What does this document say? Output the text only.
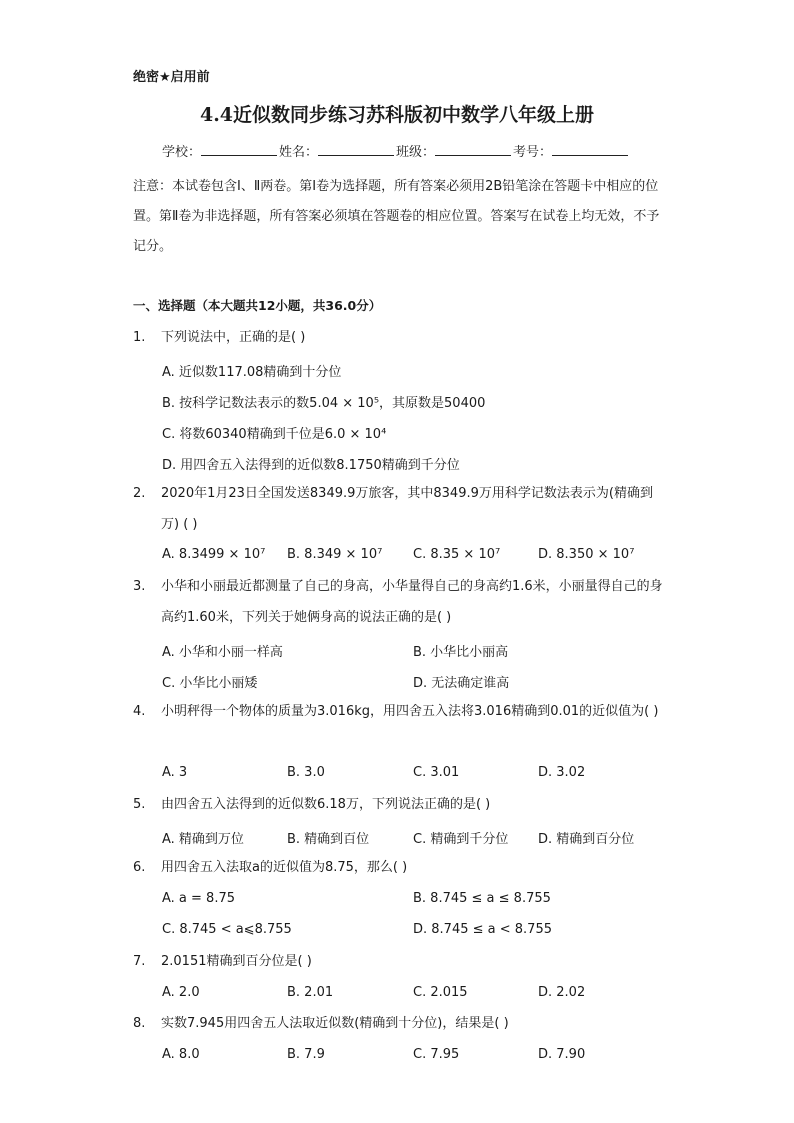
绝密★启用前
4.4近似数同步练习苏科版初中数学八年级上册
学校：	姓名：	班级：	考号：
注意：本试卷包含Ⅰ、Ⅱ两卷。第Ⅰ卷为选择题，所有答案必须用2B铅笔涂在答题卡中相应的位置。第Ⅱ卷为非选择题，所有答案必须填在答题卷的相应位置。答案写在试卷上均无效，不予记分。
一、选择题（本大题共12小题，共36.0分）
1.	下列说法中，正确的是( )
A. 近似数117.08精确到十分位
B. 按科学记数法表示的数5.04 × 10⁵，其原数是50400
C. 将数60340精确到千位是6.0 × 10⁴
D. 用四舍五入法得到的近似数8.1750精确到千分位
2.	2020年1月23日全国发送8349.9万旅客，其中8349.9万用科学记数法表示为(精确到万) ( )
A. 8.3499 × 10⁷ B. 8.349 × 10⁷ C. 8.35 × 10⁷	D. 8.350 × 10⁷
3.	小华和小丽最近都测量了自己的身高，小华量得自己的身高约1.6米，小丽量得自己的身高约1.60米，下列关于她俩身高的说法正确的是( )
A. 小华和小丽一样高	B. 小华比小丽高
C. 小华比小丽矮	D. 无法确定谁高
4.	小明秤得一个物体的质量为3.016kg，用四舍五入法将3.016精确到0.01的近似值为( )
A. 3	B. 3.0	C. 3.01	D. 3.02
5.	由四舍五入法得到的近似数6.18万，下列说法正确的是( )
A. 精确到万位	B. 精确到百位	C. 精确到千分位 D. 精确到百分位
6.	用四舍五入法取a的近似值为8.75，那么( )
A. a = 8.75	B. 8.745 ≤ a ≤ 8.755
C. 8.745 < a⩽8.755	D. 8.745 ≤ a < 8.755
7.	2.0151精确到百分位是( )
A. 2.0	B. 2.01	C. 2.015	D. 2.02
8.	实数7.945用四舍五人法取近似数(精确到十分位)，结果是( )
A. 8.0	B. 7.9	C. 7.95	D. 7.90
